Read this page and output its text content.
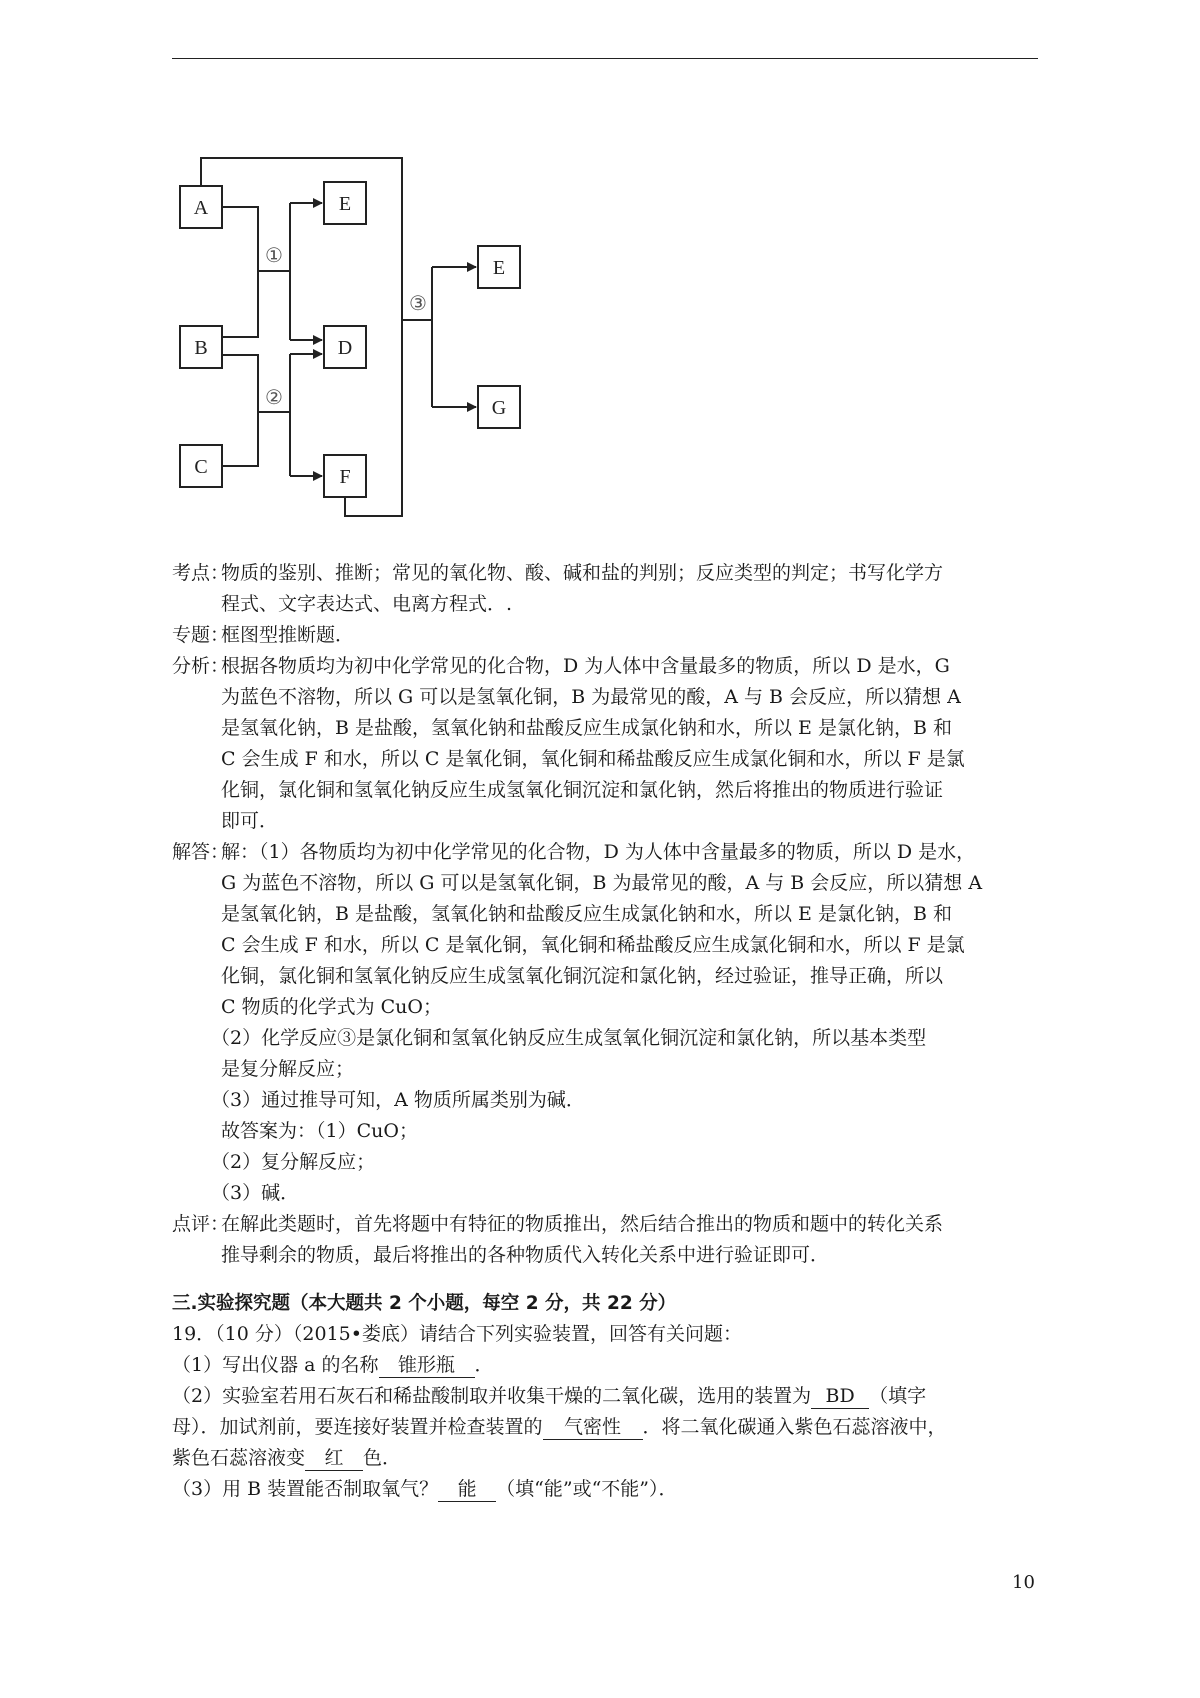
A
B
C
E
D
F
E
G
①
②
③
考点：
物质的鉴别、推断；常见的氧化物、酸、碱和盐的判别；反应类型的判定；书写化学方
程式、文字表达式、电离方程式．.
专题：
框图型推断题．
分析：
根据各物质均为初中化学常见的化合物，D 为人体中含量最多的物质，所以 D 是水，G
为蓝色不溶物，所以 G 可以是氢氧化铜，B 为最常见的酸，A 与 B 会反应，所以猜想 A
是氢氧化钠，B 是盐酸，氢氧化钠和盐酸反应生成氯化钠和水，所以 E 是氯化钠，B 和
C 会生成 F 和水，所以 C 是氧化铜，氧化铜和稀盐酸反应生成氯化铜和水，所以 F 是氯
化铜，氯化铜和氢氧化钠反应生成氢氧化铜沉淀和氯化钠，然后将推出的物质进行验证
即可．
解答：
解：（1）各物质均为初中化学常见的化合物，D 为人体中含量最多的物质，所以 D 是水，
G 为蓝色不溶物，所以 G 可以是氢氧化铜，B 为最常见的酸，A 与 B 会反应，所以猜想 A
是氢氧化钠，B 是盐酸，氢氧化钠和盐酸反应生成氯化钠和水，所以 E 是氯化钠，B 和
C 会生成 F 和水，所以 C 是氧化铜，氧化铜和稀盐酸反应生成氯化铜和水，所以 F 是氯
化铜，氯化铜和氢氧化钠反应生成氢氧化铜沉淀和氯化钠，经过验证，推导正确，所以
C 物质的化学式为 CuO；
（2）化学反应③是氯化铜和氢氧化钠反应生成氢氧化铜沉淀和氯化钠，所以基本类型
是复分解反应；
（3）通过推导可知，A 物质所属类别为碱．
故答案为：（1）CuO；
（2）复分解反应；
（3）碱．
点评：
在解此类题时，首先将题中有特征的物质推出，然后结合推出的物质和题中的转化关系
推导剩余的物质，最后将推出的各种物质代入转化关系中进行验证即可．
三.实验探究题（本大题共 2 个小题，每空 2 分，共 22 分）
19．（10 分）（2015•娄底）请结合下列实验装置，回答有关问题：
（1）写出仪器 a 的名称 锥形瓶 ．
（2）实验室若用石灰石和稀盐酸制取并收集干燥的二氧化碳，选用的装置为 BD （填字
母）．加试剂前，要连接好装置并检查装置的 气密性 ．将二氧化碳通入紫色石蕊溶液中，
紫色石蕊溶液变 红 色．
（3）用 B 装置能否制取氧气？ 能 （填“能”或“不能”）．
10
